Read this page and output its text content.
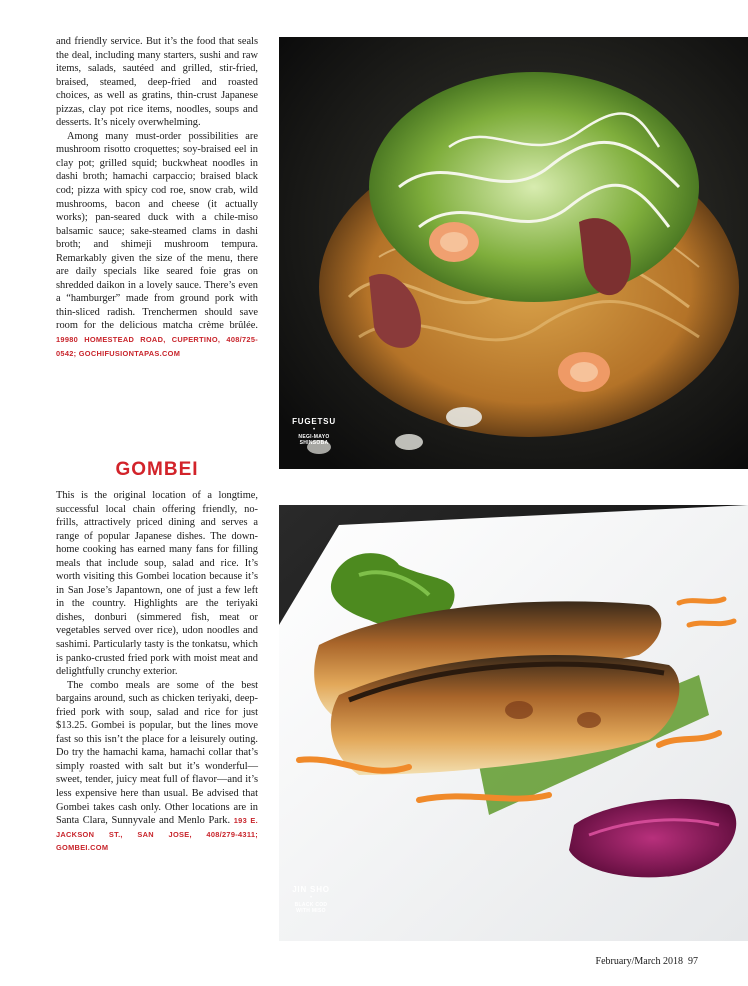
and friendly service. But it’s the food that seals the deal, including many starters, sushi and raw items, salads, sautéed and grilled, stir-fried, braised, steamed, deep-fried and roasted choices, as well as gratins, thin-crust Japanese pizzas, clay pot rice items, noodles, soups and desserts. It’s nicely overwhelming.

Among many must-order possibilities are mushroom risotto croquettes; soy-braised eel in clay pot; grilled squid; buckwheat noodles in dashi broth; hamachi carpaccio; braised black cod; pizza with spicy cod roe, snow crab, wild mushrooms, bacon and cheese (it actually works); pan-seared duck with a chile-miso balsamic sauce; sake-steamed clams in dashi broth; and shimeji mushroom tempura. Remarkably given the size of the menu, there are daily specials like seared foie gras on shredded daikon in a lovely sauce. There’s even a “hamburger” made from ground pork with thin-sliced radish. Trenchermen should save room for the delicious matcha crème brûlée. 19980 HOMESTEAD ROAD, CUPERTINO, 408/725-0542; GOCHIFUSIONTAPAS.COM

GOMBEI

This is the original location of a longtime, successful local chain offering friendly, no-frills, attractively priced dining and serves a range of popular Japanese dishes. The down-home cooking has earned many fans for filling meals that include soup, salad and rice. It’s worth visiting this Gombei location because it’s in San Jose’s Japantown, one of just a few left in the country. Highlights are the teriyaki dishes, donburi (simmered fish, meat or vegetables served over rice), udon noodles and sashimi. Particularly tasty is the tonkatsu, which is panko-crusted fried pork with moist meat and delightfully crunchy exterior.

The combo meals are some of the best bargains around, such as chicken teriyaki, deep-fried pork with soup, salad and rice for just $13.25. Gombei is popular, but the lines move fast so this isn’t the place for a leisurely outing. Do try the hamachi kama, hamachi collar that’s simply roasted with salt but it’s wonderful—sweet, tender, juicy meat full of flavor—and it’s less expensive here than usual. Be advised that Gombei takes cash only. Other locations are in Santa Clara, Sunnyvale and Menlo Park. 193 E. JACKSON ST., SAN JOSE, 408/279-4311; GOMBEI.COM

FUGETSU
•
NEGI-MAYO
SHINSOBA
JIN SHO
•
BLACK COD
WITH MISO
February/March 2018 97
